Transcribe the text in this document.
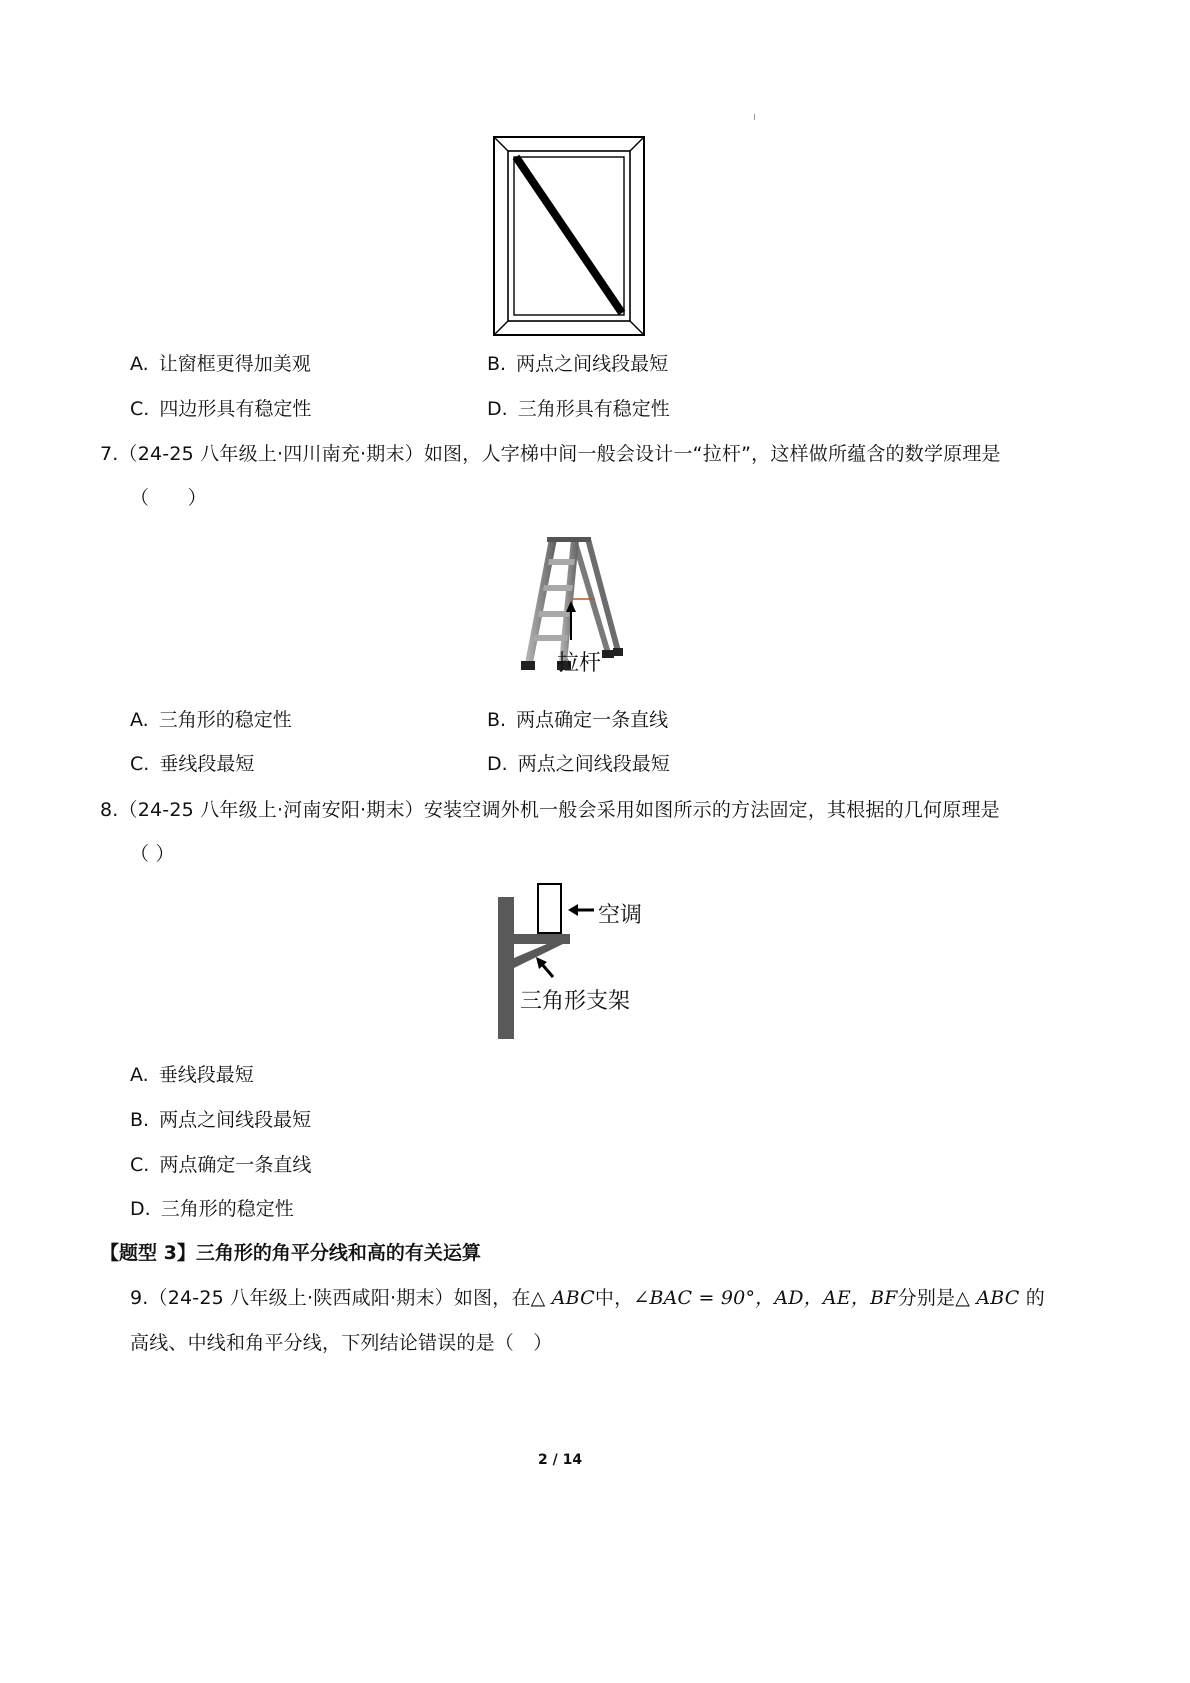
A. 让窗框更得加美观	B. 两点之间线段最短
C. 四边形具有稳定性	D. 三角形具有稳定性
7.（24-25 八年级上·四川南充·期末）如图，人字梯中间一般会设计一“拉杆”，这样做所蕴含的数学原理是
（　　）
拉杆
A. 三角形的稳定性	B. 两点确定一条直线
C. 垂线段最短	D. 两点之间线段最短
8.（24-25 八年级上·河南安阳·期末）安装空调外机一般会采用如图所示的方法固定，其根据的几何原理是
（ ）
空调
三角形支架
A. 垂线段最短
B. 两点之间线段最短
C. 两点确定一条直线
D. 三角形的稳定性
【题型 3】三角形的角平分线和高的有关运算
9.（24-25 八年级上·陕西咸阳·期末）如图，在△ ABC中，∠BAC = 90°，AD，AE，BF分别是△ ABC 的
高线、中线和角平分线，下列结论错误的是（　）
2 / 14
